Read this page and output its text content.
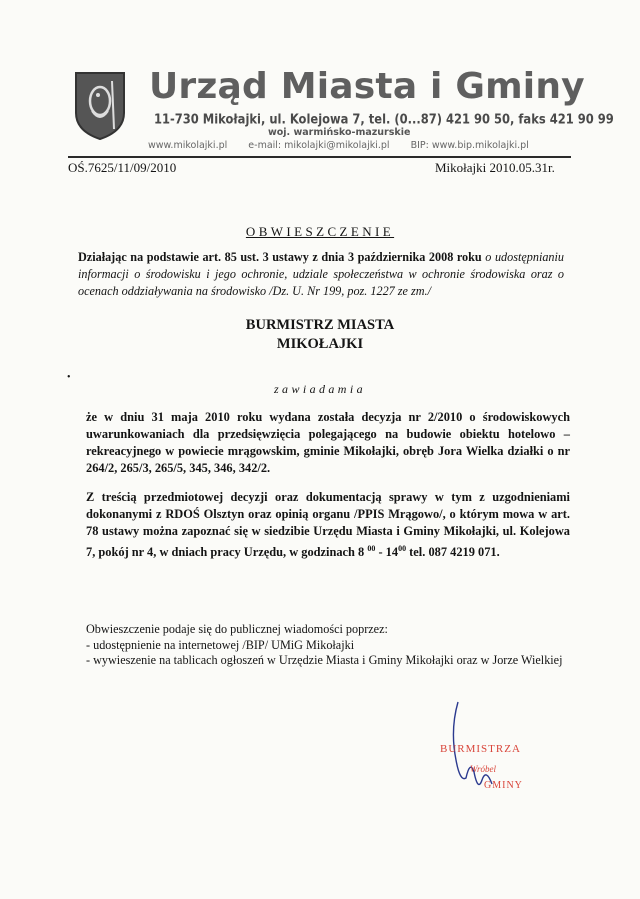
Urząd Miasta i Gminy
11-730 Mikołajki, ul. Kolejowa 7, tel. (0...87) 421 90 50, faks 421 90 99
woj. warmińsko-mazurskie
www.mikolajki.pl e-mail: mikolajki@mikolajki.pl BIP: www.bip.mikolajki.pl
OŚ.7625/11/09/2010	Mikołajki 2010.05.31r.
OBWIESZCZENIE
Działając na podstawie art. 85 ust. 3 ustawy z dnia 3 października 2008 roku o udostępnianiu informacji o środowisku i jego ochronie, udziale społeczeństwa w ochronie środowiska oraz o ocenach oddziaływania na środowisko /Dz. U. Nr 199, poz. 1227 ze zm./
BURMISTRZ MIASTA
MIKOŁAJKI
•
zawiadamia
że w dniu 31 maja 2010 roku wydana została decyzja nr 2/2010 o środowiskowych uwarunkowaniach dla przedsięwzięcia polegającego na budowie obiektu hotelowo – rekreacyjnego w powiecie mrągowskim, gminie Mikołajki, obręb Jora Wielka działki o nr 264/2, 265/3, 265/5, 345, 346, 342/2.
Z treścią przedmiotowej decyzji oraz dokumentacją sprawy w tym z uzgodnieniami dokonanymi z RDOŚ Olsztyn oraz opinią organu /PPIS Mrągowo/, o którym mowa w art. 78 ustawy można zapoznać się w siedzibie Urzędu Miasta i Gminy Mikołajki, ul. Kolejowa 7, pokój nr 4, w dniach pracy Urzędu, w godzinach 8 $^{00} - 14^{00}$ tel. 087 4219 071.
Obwieszczenie podaje się do publicznej wiadomości poprzez:
- udostępnienie na internetowej /BIP/ UMiG Mikołajki
- wywieszenie na tablicach ogłoszeń w Urzędzie Miasta i Gminy Mikołajki oraz w Jorze Wielkiej
BURMISTRZA
Wróbel
GMINY
